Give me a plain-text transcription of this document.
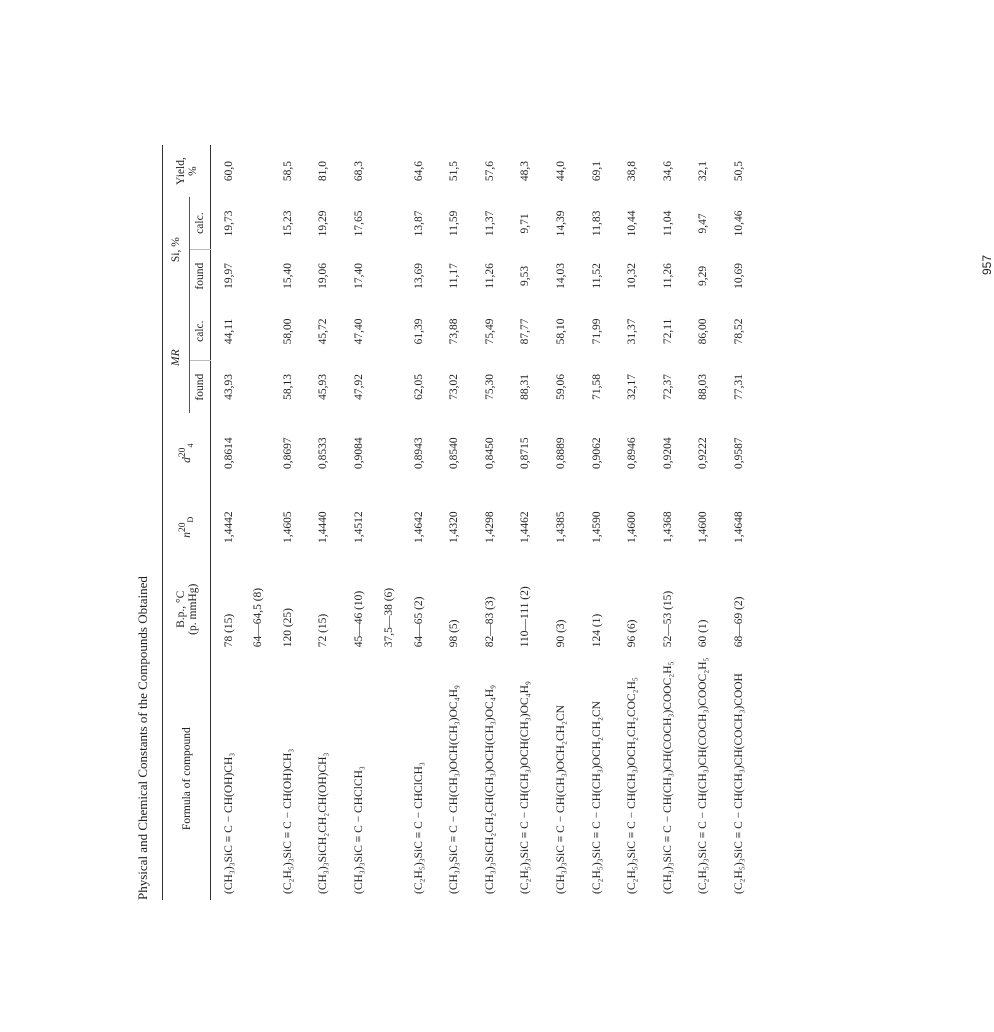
Physical and Chemical Constants of the Compounds Obtained	Formula of compound	B.p., °C
(p. mmHg)	$n^{20}_D$	$d^{20}_4$	MR		Si, %		Yield,
%
				found	calc.	found	calc.	
(CH₃)₃SiC ≡ C − CH(OH)CH₃	78 (15)	1,4442	0,8614	43,93	44,11	19,97	19,73	60,0
	64—64,5 (8)							
(C₂H₅)₃SiC ≡ C − CH(OH)CH₃	120 (25)	1,4605	0,8697	58,13	58,00	15,40	15,23	58,5
(CH₃)₃SiCH₂CH₂CH(OH)CH₃	72 (15)	1,4440	0,8533	45,93	45,72	19,06	19,29	81,0
(CH₃)₃SiC ≡ C − CHClCH₃	45—46 (10)	1,4512	0,9084	47,92	47,40	17,40	17,65	68,3
	37,5—38 (6)							
(C₂H₅)₃SiC ≡ C − CHClCH₃	64—65 (2)	1,4642	0,8943	62,05	61,39	13,69	13,87	64,6
(CH₃)₃SiC ≡ C − CH(CH₃)OCH(CH₃)OC₄H₉	98 (5)	1,4320	0,8540	73,02	73,88	11,17	11,59	51,5
(CH₃)₃SiCH₂CH₂CH(CH₃)OCH(CH₃)OC₄H₉	82—83 (3)	1,4298	0,8450	75,30	75,49	11,26	11,37	57,6
(C₂H₅)₃SiC ≡ C − CH(CH₃)OCH(CH₃)OC₄H₉	110—111 (2)	1,4462	0,8715	88,31	87,77	9,53	9,71	48,3
(CH₃)₃SiC ≡ C − CH(CH₃)OCH₂CH₂CN	90 (3)	1,4385	0,8889	59,06	58,10	14,03	14,39	44,0
(C₂H₅)₃SiC ≡ C − CH(CH₃)OCH₂CH₂CN	124 (1)	1,4590	0,9062	71,58	71,99	11,52	11,83	69,1
(C₂H₅)₃SiC ≡ C − CH(CH₃)OCH₂CH₂COC₂H₅	96 (6)	1,4600	0,8946	32,17	31,37	10,32	10,44	38,8
(CH₃)₃SiC ≡ C − CH(CH₃)CH(COCH₃)COOC₂H₅	52—53 (15)	1,4368	0,9204	72,37	72,11	11,26	11,04	34,6
(C₂H₅)₃SiC ≡ C − CH(CH₃)CH(COCH₃)COOC₂H₅	60 (1)	1,4600	0,9222	88,03	86,00	9,29	9,47	32,1
(C₂H₅)₃SiC ≡ C − CH(CH₃)CH(COCH₃)COOH	68—69 (2)	1,4648	0,9587	77,31	78,52	10,69	10,46	50,5
957
